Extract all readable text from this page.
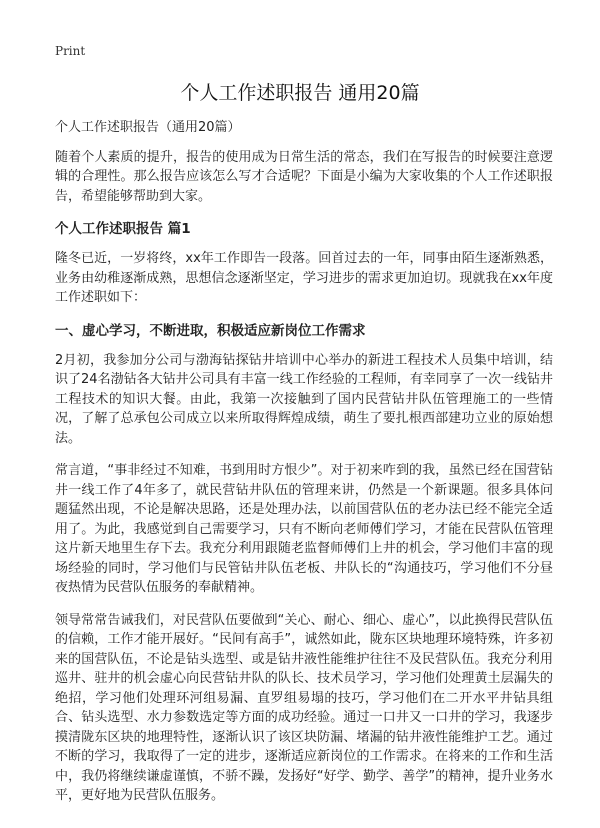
Print
个人工作述职报告 通用20篇

个人工作述职报告（通用20篇）

随着个人素质的提升，报告的使用成为日常生活的常态，我们在写报告的时候要注意逻辑的合理性。那么报告应该怎么写才合适呢？下面是小编为大家收集的个人工作述职报告，希望能够帮助到大家。

个人工作述职报告 篇1

隆冬已近，一岁将终，xx年工作即告一段落。回首过去的一年，同事由陌生逐渐熟悉，业务由幼稚逐渐成熟，思想信念逐渐坚定，学习进步的需求更加迫切。现就我在xx年度工作述职如下：

一、虚心学习，不断进取，积极适应新岗位工作需求

2月初，我参加分公司与渤海钻探钻井培训中心举办的新进工程技术人员集中培训，结识了24名渤钻各大钻井公司具有丰富一线工作经验的工程师，有幸同享了一次一线钻井工程技术的知识大餐。由此，我第一次接触到了国内民营钻井队伍管理施工的一些情况，了解了总承包公司成立以来所取得辉煌成绩，萌生了要扎根西部建功立业的原始想法。

常言道，“事非经过不知难，书到用时方恨少”。对于初来咋到的我，虽然已经在国营钻井一线工作了4年多了，就民营钻井队伍的管理来讲，仍然是一个新课题。很多具体问题猛然出现，不论是解决思路，还是处理办法，以前国营队伍的老办法已经不能完全适用了。为此，我感觉到自己需要学习，只有不断向老师傅们学习，才能在民营队伍管理这片新天地里生存下去。我充分利用跟随老监督师傅们上井的机会，学习他们丰富的现场经验的同时，学习他们与民管钻井队伍老板、井队长的“沟通技巧，学习他们不分昼夜热情为民营队伍服务的奉献精神。

领导常常告诫我们，对民营队伍要做到“关心、耐心、细心、虚心”，以此换得民营队伍的信赖，工作才能开展好。“民间有高手”，诚然如此，陇东区块地理环境特殊，许多初来的国营队伍，不论是钻头选型、或是钻井液性能维护往往不及民营队伍。我充分利用巡井、驻井的机会虚心向民营钻井队的队长、技术员学习，学习他们处理黄土层漏失的绝招，学习他们处理环河组易漏、直罗组易塌的技巧，学习他们在二开水平井钻具组合、钻头选型、水力参数选定等方面的成功经验。通过一口井又一口井的学习，我逐步摸清陇东区块的地理特性，逐渐认识了该区块防漏、堵漏的钻井液性能维护工艺。通过不断的学习，我取得了一定的进步，逐渐适应新岗位的工作需求。在将来的工作和生活中，我仍将继续谦虚谨慎，不骄不躁，发扬好“好学、勤学、善学”的精神，提升业务水平，更好地为民营队伍服务。
